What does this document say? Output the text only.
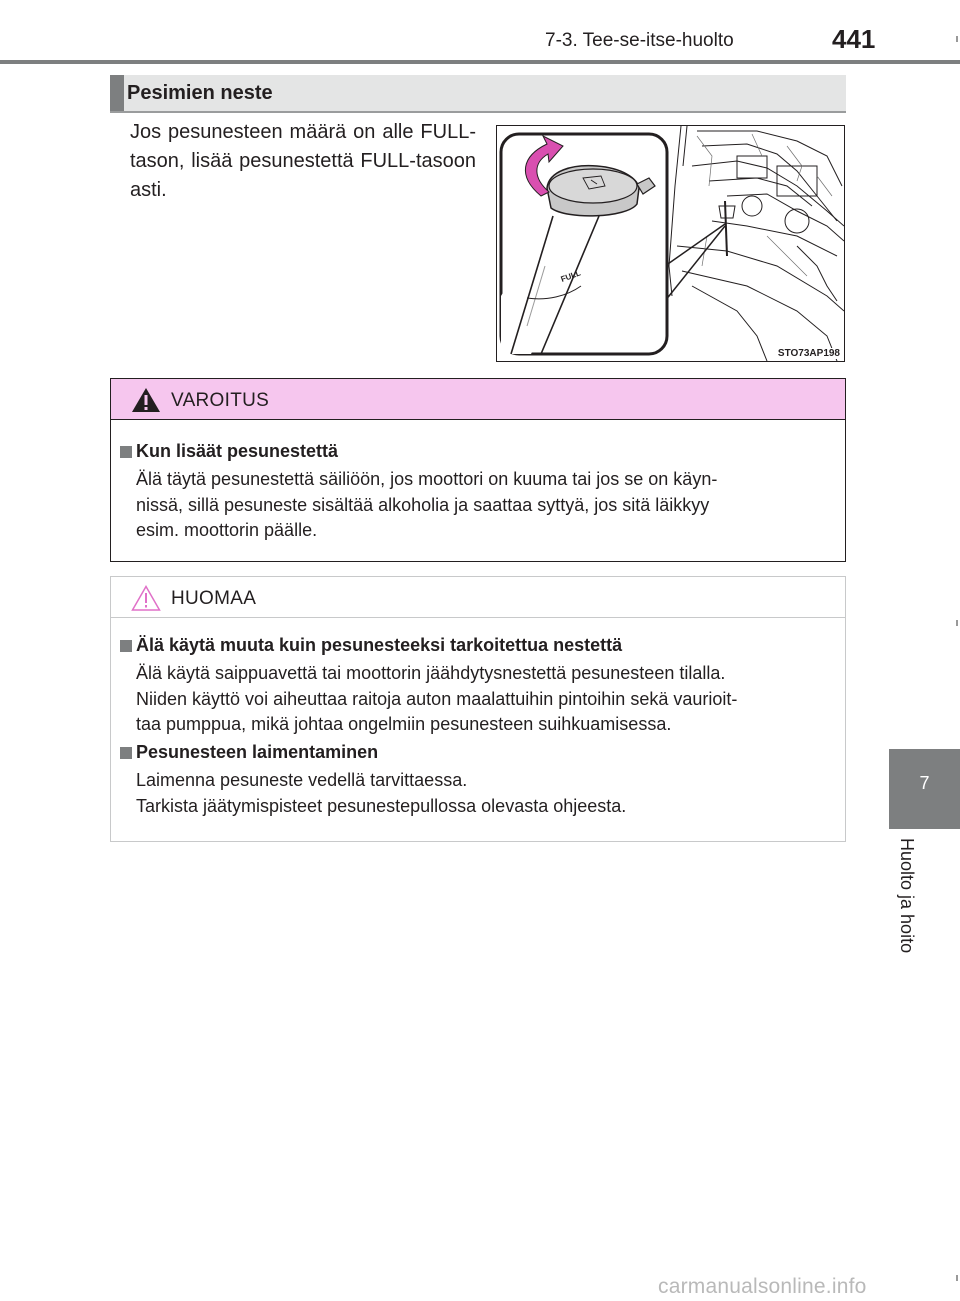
7-3. Tee-se-itse-huolto	441
Pesimien neste
Jos pesunesteen määrä on alle FULL-tason, lisää pesunestettä FULL-tasoon asti.
FULL
STO73AP198
VAROITUS
Kun lisäät pesunestettä
Älä täytä pesunestettä säiliöön, jos moottori on kuuma tai jos se on käyn-
nissä, sillä pesuneste sisältää alkoholia ja saattaa syttyä, jos sitä läikkyy
esim. moottorin päälle.
HUOMAA
Älä käytä muuta kuin pesunesteeksi tarkoitettua nestettä
Älä käytä saippuavettä tai moottorin jäähdytysnestettä pesunesteen tilalla.
Niiden käyttö voi aiheuttaa raitoja auton maalattuihin pintoihin sekä vaurioit-
taa pumppua, mikä johtaa ongelmiin pesunesteen suihkuamisessa.
Pesunesteen laimentaminen
Laimenna pesuneste vedellä tarvittaessa.
Tarkista jäätymispisteet pesunestepullossa olevasta ohjeesta.
7
Huolto ja hoito
carmanualsonline.info
